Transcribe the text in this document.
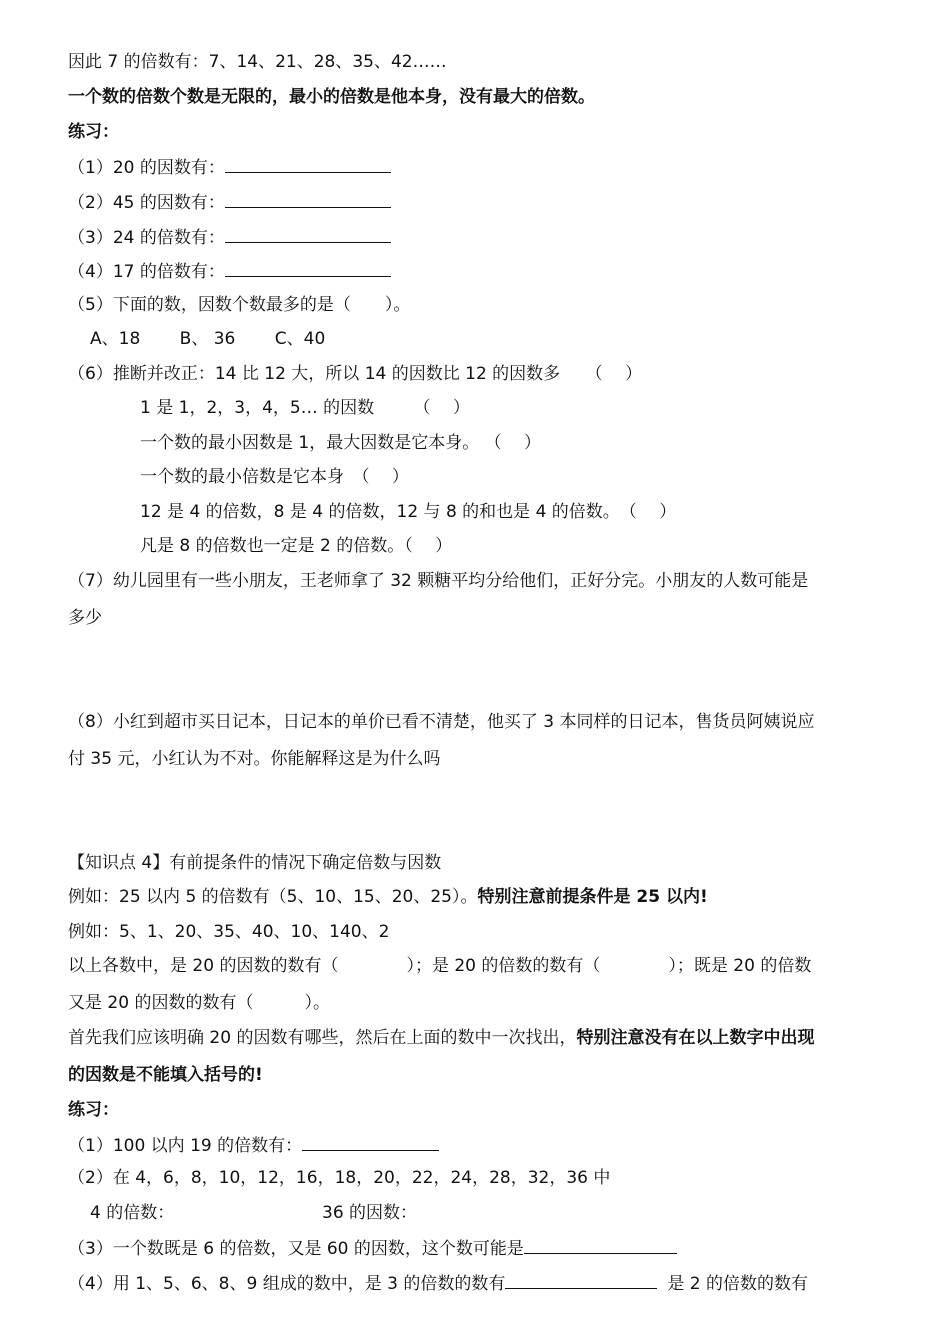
因此 7 的倍数有：7、14、21、28、35、42……
一个数的倍数个数是无限的，最小的倍数是他本身，没有最大的倍数。
练习：
（1）20 的因数有：
（2）45 的因数有：
（3）24 的倍数有：
（4）17 的倍数有：
（5）下面的数，因数个数最多的是（　　）。
A、18　　 B、 36　　 C、40
（6）推断并改正：14 比 12 大，所以 14 的因数比 12 的因数多　　（　 ）
1 是 1，2，3，4，5… 的因数　　 （　 ）
一个数的最小因数是 1，最大因数是它本身。 （　 ）
一个数的最小倍数是它本身　（　 ）
12 是 4 的倍数，8 是 4 的倍数，12 与 8 的和也是 4 的倍数。　（　 ）
凡是 8 的倍数也一定是 2 的倍数。（　 ）
（7）幼儿园里有一些小朋友，王老师拿了 32 颗糖平均分给他们，正好分完。小朋友的人数可能是
多少
（8）小红到超市买日记本，日记本的单价已看不清楚，他买了 3 本同样的日记本，售货员阿姨说应
付 35 元，小红认为不对。你能解释这是为什么吗
【知识点 4】有前提条件的情况下确定倍数与因数
例如：25 以内 5 的倍数有（5、10、15、20、25）。特别注意前提条件是 25 以内!
例如：5、1、20、35、40、10、140、2
以上各数中，是 20 的因数的数有（　　　　）；是 20 的倍数的数有（　　　　）；既是 20 的倍数
又是 20 的因数的数有（　　　）。
首先我们应该明确 20 的因数有哪些，然后在上面的数中一次找出，特别注意没有在以上数字中出现
的因数是不能填入括号的!
练习：
（1）100 以内 19 的倍数有：
（2）在 4，6，8，10，12，16，18，20，22，24，28，32，36 中
4 的倍数：	36 的因数：
（3）一个数既是 6 的倍数，又是 60 的因数，这个数可能是
（4）用 1、5、6、8、9 组成的数中，是 3 的倍数的数有	是 2 的倍数的数有
